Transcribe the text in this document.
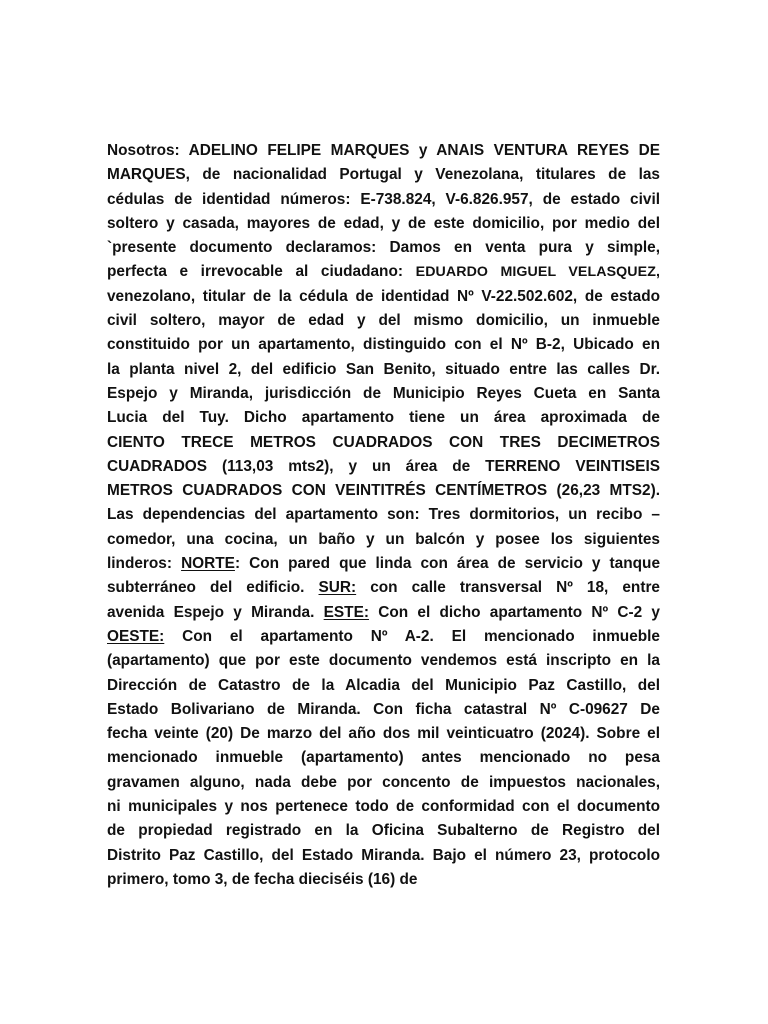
Nosotros: ADELINO FELIPE MARQUES y ANAIS VENTURA REYES DE
MARQUES, de nacionalidad Portugal y Venezolana, titulares de las
cédulas de identidad números: E-738.824, V-6.826.957, de estado civil
soltero y casada, mayores de edad, y de este domicilio, por medio del
`presente documento declaramos: Damos en venta pura y simple,
perfecta e irrevocable al ciudadano: EDUARDO MIGUEL VELASQUEZ,
venezolano, titular de la cédula de identidad Nº V-22.502.602, de estado
civil soltero, mayor de edad y del mismo domicilio, un inmueble
constituido por un apartamento, distinguido con el Nº B-2, Ubicado en
la planta nivel 2, del edificio San Benito, situado entre las calles Dr.
Espejo y Miranda, jurisdicción de Municipio Reyes Cueta en Santa
Lucia del Tuy. Dicho apartamento tiene un área aproximada de
CIENTO TRECE METROS CUADRADOS CON TRES DECIMETROS
CUADRADOS (113,03 mts2), y un área de TERRENO VEINTISEIS
METROS CUADRADOS CON VEINTITRÉS CENTÍMETROS (26,23 MTS2).
Las dependencias del apartamento son: Tres dormitorios, un recibo –
comedor, una cocina, un baño y un balcón y posee los siguientes
linderos: NORTE: Con pared que linda con área de servicio y tanque
subterráneo del edificio. SUR: con calle transversal Nº 18, entre
avenida Espejo y Miranda. ESTE: Con el dicho apartamento Nº C-2 y
OESTE: Con el apartamento Nº A-2. El mencionado inmueble
(apartamento) que por este documento vendemos está inscripto en la
Dirección de Catastro de la Alcadia del Municipio Paz Castillo, del
Estado Bolivariano de Miranda. Con ficha catastral Nº C-09627 De
fecha veinte (20) De marzo del año dos mil veinticuatro (2024). Sobre el
mencionado inmueble (apartamento) antes mencionado no pesa
gravamen alguno, nada debe por concento de impuestos nacionales,
ni municipales y nos pertenece todo de conformidad con el documento
de propiedad registrado en la Oficina Subalterno de Registro del
Distrito Paz Castillo, del Estado Miranda. Bajo el número 23, protocolo
primero, tomo 3, de fecha dieciséis (16) de
